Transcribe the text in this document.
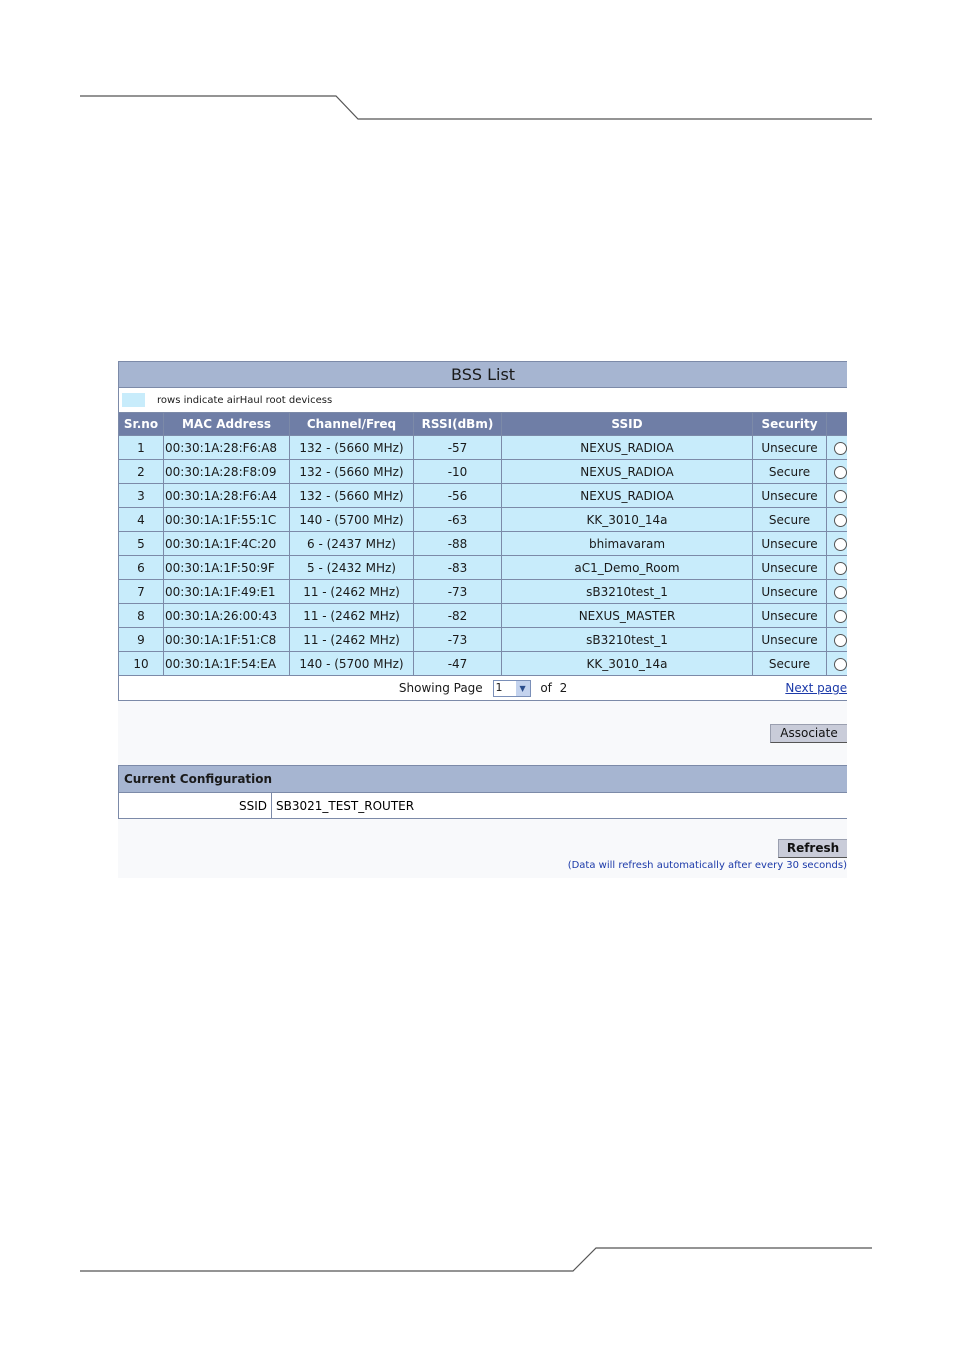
BSS List						
rows indicate airHaul root devicess						
Sr.no	MAC Address	Channel/Freq	RSSI(dBm)	SSID	Security	
1	00:30:1A:28:F6:A8	132 - (5660 MHz)	-57	NEXUS_RADIOA	Unsecure	
2	00:30:1A:28:F8:09	132 - (5660 MHz)	-10	NEXUS_RADIOA	Secure	
3	00:30:1A:28:F6:A4	132 - (5660 MHz)	-56	NEXUS_RADIOA	Unsecure	
4	00:30:1A:1F:55:1C	140 - (5700 MHz)	-63	KK_3010_14a	Secure	
5	00:30:1A:1F:4C:20	6 - (2437 MHz)	-88	bhimavaram	Unsecure	
6	00:30:1A:1F:50:9F	5 - (2432 MHz)	-83	aC1_Demo_Room	Unsecure	
7	00:30:1A:1F:49:E1	11 - (2462 MHz)	-73	sB3210test_1	Unsecure	
8	00:30:1A:26:00:43	11 - (2462 MHz)	-82	NEXUS_MASTER	Unsecure	
9	00:30:1A:1F:51:C8	11 - (2462 MHz)	-73	sB3210test_1	Unsecure	
10	00:30:1A:1F:54:EA	140 - (5700 MHz)	-47	KK_3010_14a	Secure	
Showing Page 1 ▼ of 2 Next page						
Associate
Current Configuration
SSID	SB3021_TEST_ROUTER
Refresh
(Data will refresh automatically after every 30 seconds)
